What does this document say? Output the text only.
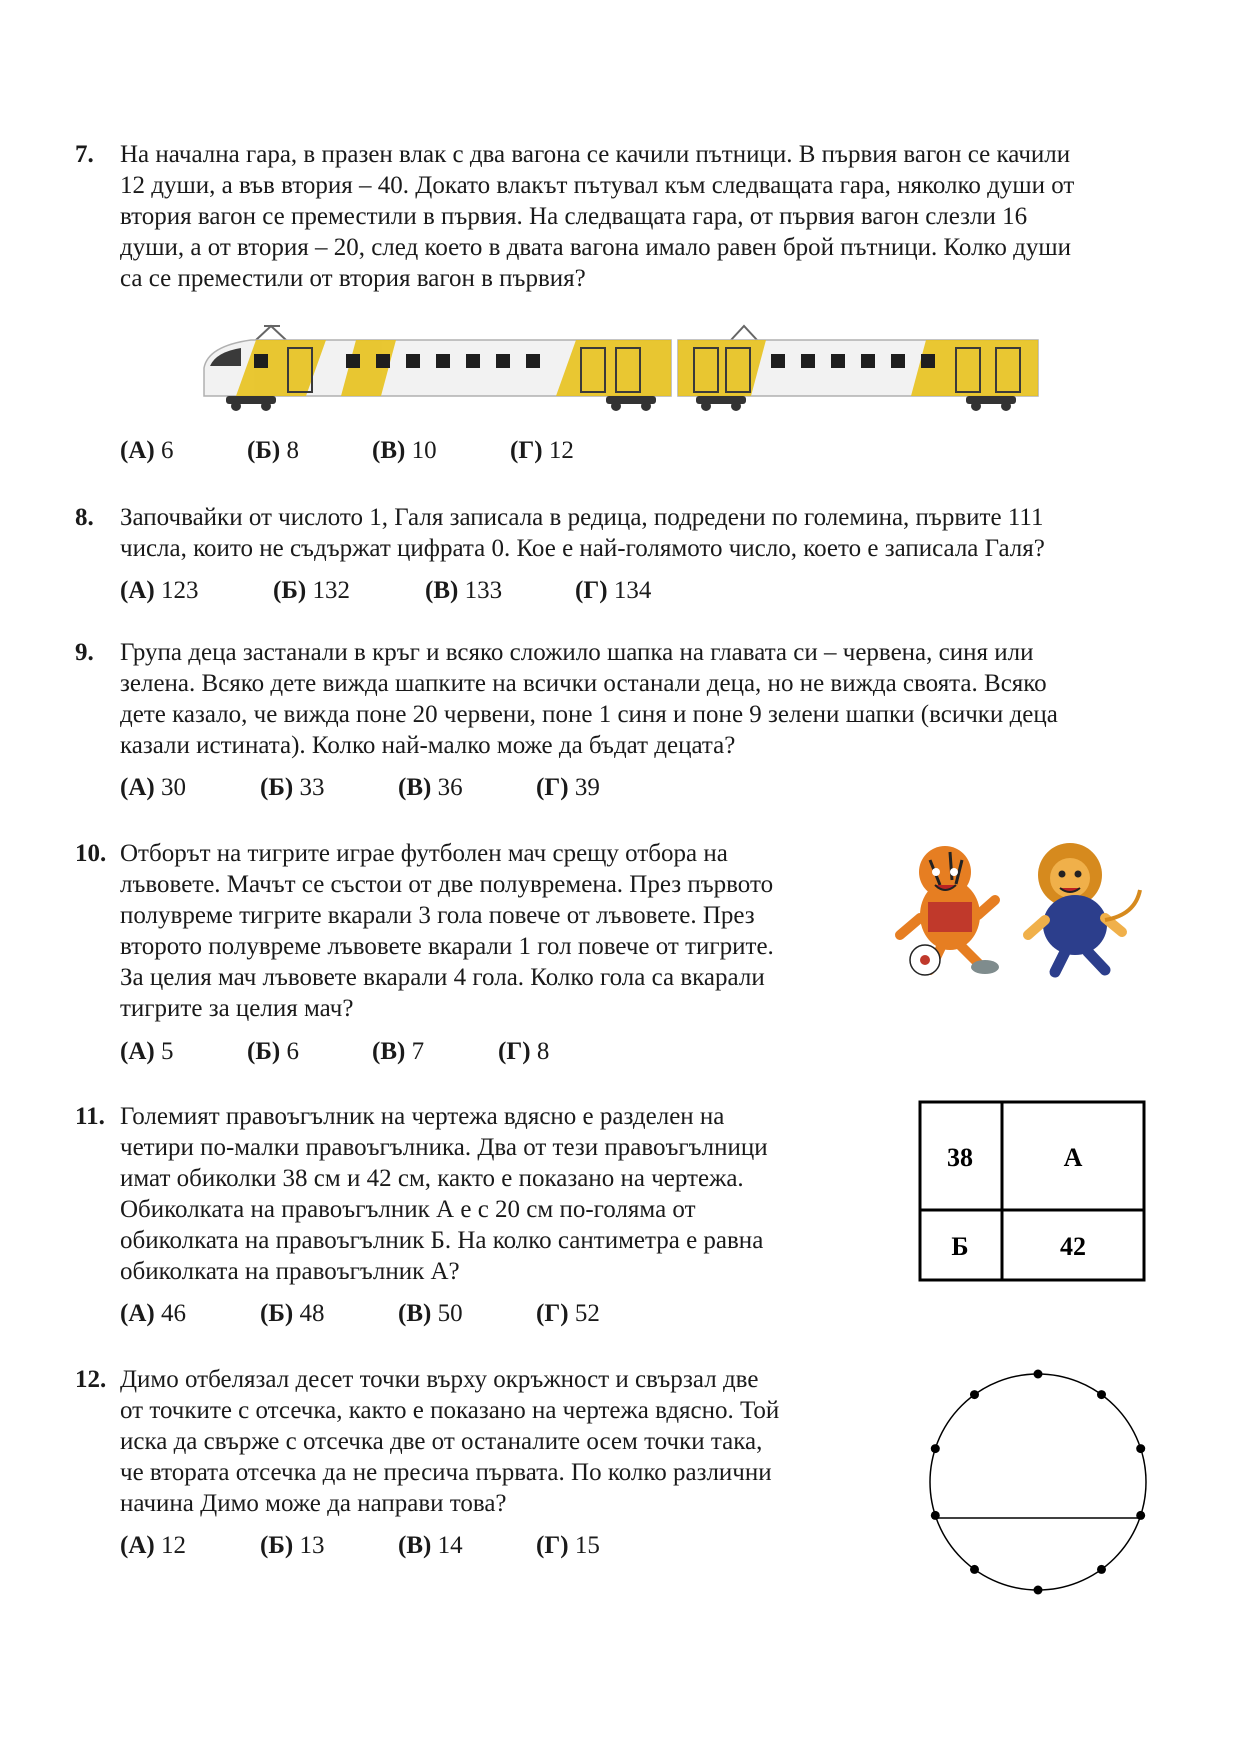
7. На начална гара, в празен влак с два вагона се качили пътници. В първия вагон се качили
12 души, а във втория – 40. Докато влакът пътувал към следващата гара, няколко души от
втория вагон се преместили в първия. На следващата гара, от първия вагон слезли 16
души, а от втория – 20, след което в двата вагона имало равен брой пътници. Колко души
са се преместили от втория вагон в първия?
(А) 6	(Б) 8	(В) 10	(Г) 12
8. Започвайки от числото 1, Галя записала в редица, подредени по големина, първите 111
числа, които не съдържат цифрата 0. Кое е най-голямото число, което е записала Галя?
(А) 123	(Б) 132	(В) 133	(Г) 134
9. Група деца застанали в кръг и всяко сложило шапка на главата си – червена, синя или
зелена. Всяко дете вижда шапките на всички останали деца, но не вижда своята. Всяко
дете казало, че вижда поне 20 червени, поне 1 синя и поне 9 зелени шапки (всички деца
казали истината). Колко най-малко може да бъдат децата?
(А) 30	(Б) 33	(В) 36	(Г) 39
10. Отборът на тигрите играе футболен мач срещу отбора на
лъвовете. Мачът се състои от две полувремена. През първото
полувреме тигрите вкарали 3 гола повече от лъвовете. През
второто полувреме лъвовете вкарали 1 гол повече от тигрите.
За целия мач лъвовете вкарали 4 гола. Колко гола са вкарали
тигрите за целия мач?
(А) 5	(Б) 6	(В) 7	(Г) 8
11. Големият правоъгълник на чертежа вдясно е разделен на
четири по-малки правоъгълника. Два от тези правоъгълници
имат обиколки 38 см и 42 см, както е показано на чертежа.
Обиколката на правоъгълник А е с 20 см по-голяма от
обиколката на правоъгълник Б. На колко сантиметра е равна
обиколката на правоъгълник А?
(А) 46	(Б) 48	(В) 50	(Г) 52
38	A
Б	42
12. Димо отбелязал десет точки върху окръжност и свързал две
от точките с отсечка, както е показано на чертежа вдясно. Той
иска да свърже с отсечка две от останалите осем точки така,
че втората отсечка да не пресича първата. По колко различни
начина Димо може да направи това?
(А) 12	(Б) 13	(В) 14	(Г) 15
